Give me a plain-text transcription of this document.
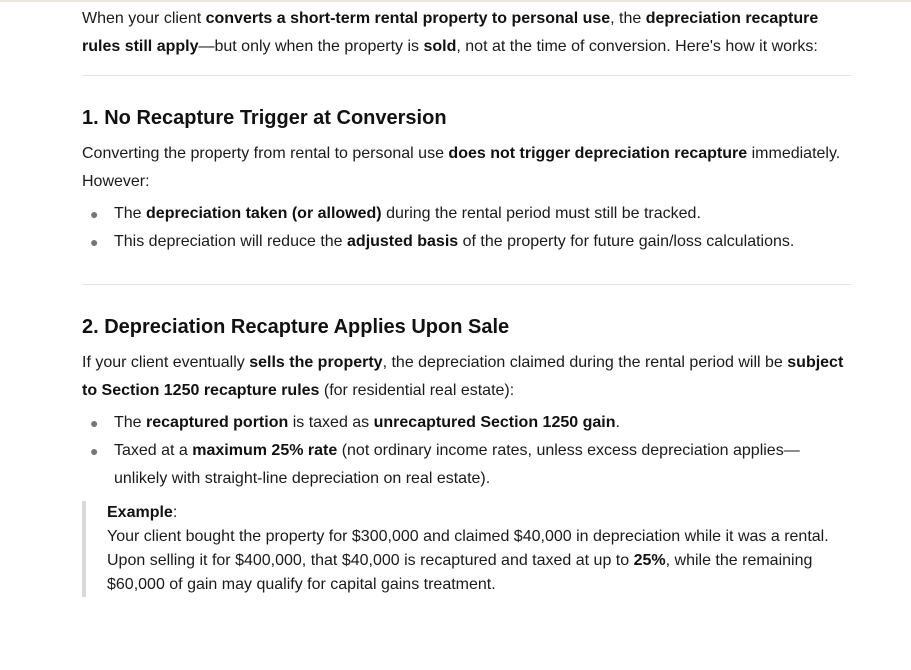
When your client converts a short-term rental property to personal use, the depreciation recapture rules still apply—but only when the property is sold, not at the time of conversion. Here's how it works:

1. No Recapture Trigger at Conversion

Converting the property from rental to personal use does not trigger depreciation recapture immediately. However:

● The depreciation taken (or allowed) during the rental period must still be tracked.
● This depreciation will reduce the adjusted basis of the property for future gain/loss calculations.
2. Depreciation Recapture Applies Upon Sale

If your client eventually sells the property, the depreciation claimed during the rental period will be subject to Section 1250 recapture rules (for residential real estate):

● The recaptured portion is taxed as unrecaptured Section 1250 gain.
● Taxed at a maximum 25% rate (not ordinary income rates, unless excess depreciation applies—unlikely with straight-line depreciation on real estate).

Example:

Your client bought the property for $300,000 and claimed $40,000 in depreciation while it was a rental.

Upon selling it for $400,000, that $40,000 is recaptured and taxed at up to 25%, while the remaining $60,000 of gain may qualify for capital gains treatment.
